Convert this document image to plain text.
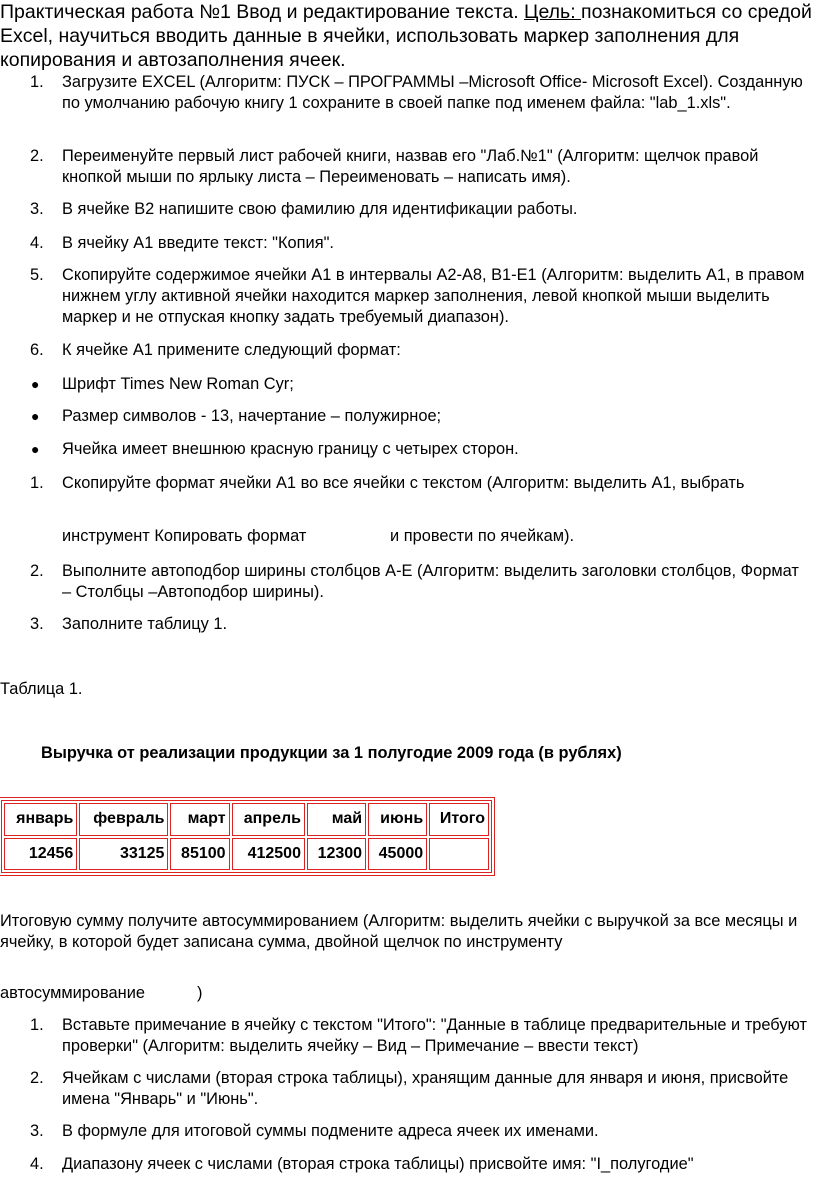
Практическая работа №1 Ввод и редактирование текста. Цель: познакомиться со средой Excel, научиться вводить данные в ячейки, использовать маркер заполнения для копирования и автозаполнения ячеек.
1.	Загрузите EXCEL (Алгоритм: ПУСК – ПРОГРАММЫ –Microsoft Office- Microsoft Excel). Созданную по умолчанию рабочую книгу 1 сохраните в своей папке под именем файла: "lab_1.xls".
2.	Переименуйте первый лист рабочей книги, назвав его "Лаб.№1" (Алгоритм: щелчок правой кнопкой мыши по ярлыку листа – Переименовать – написать имя).
3.	В ячейке В2 напишите свою фамилию для идентификации работы.
4.	В ячейку А1 введите текст: "Копия".
5.	Скопируйте содержимое ячейки А1 в интервалы А2-А8, В1-Е1 (Алгоритм: выделить А1, в правом нижнем углу активной ячейки находится маркер заполнения, левой кнопкой мыши выделить маркер и не отпуская кнопку задать требуемый диапазон).
6.	К ячейке А1 примените следующий формат:
● Шрифт Times New Roman Cyr;
● Размер символов - 13, начертание – полужирное;
● Ячейка имеет внешнюю красную границу с четырех сторон.
1.	Скопируйте формат ячейки А1 во все ячейки с текстом (Алгоритм: выделить А1, выбрать
инструмент Копировать формат	и провести по ячейкам).
2.	Выполните автоподбор ширины столбцов А-Е (Алгоритм: выделить заголовки столбцов, Формат – Столбцы –Автоподбор ширины).
3.	Заполните таблицу 1.
Таблица 1.
Выручка от реализации продукции за 1 полугодие 2009 года (в рублях)
январь	февраль	март	апрель	май	июнь	Итого
12456	33125	85100	412500	12300	45000	
Итоговую сумму получите автосуммированием (Алгоритм: выделить ячейки с выручкой за все месяцы и ячейку, в которой будет записана сумма, двойной щелчок по инструменту
автосуммирование	)
1.	Вставьте примечание в ячейку с текстом "Итого": "Данные в таблице предварительные и требуют проверки" (Алгоритм: выделить ячейку – Вид – Примечание – ввести текст)
2.	Ячейкам с числами (вторая строка таблицы), хранящим данные для января и июня, присвойте имена "Январь" и "Июнь".
3.	В формуле для итоговой суммы подмените адреса ячеек их именами.
4.	Диапазону ячеек с числами (вторая строка таблицы) присвойте имя: "I_полугодие"
